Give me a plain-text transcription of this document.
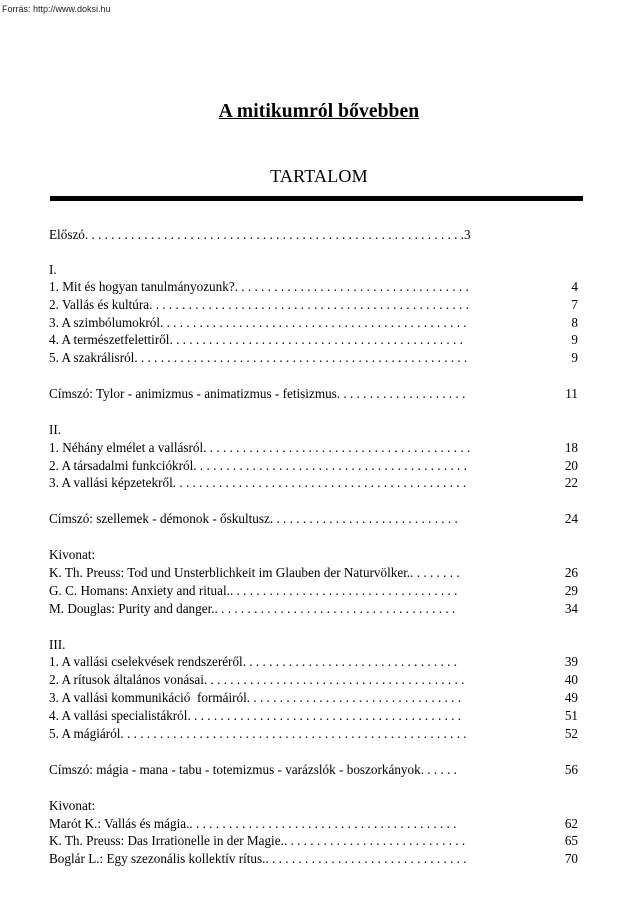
Forrás: http://www.doksi.hu
A mitikumról bővebben
TARTALOM
Előszó. . . . . . . . . . . . . . . . . . . . . . . . . . . . . . . . . . . . . . . . . . . . . . . . . . . . . . . . . .3
I.
1. Mit és hogyan tanulmányozunk?. . . . . . . . . . . . . . . . . . . . . . . . . . . . . . . . . . . .	4
2. Vallás és kultúra. . . . . . . . . . . . . . . . . . . . . . . . . . . . . . . . . . . . . . . . . . . . . . . . .	7
3. A szimbólumokról. . . . . . . . . . . . . . . . . . . . . . . . . . . . . . . . . . . . . . . . . . . . . . .	8
4. A természetfelettiről. . . . . . . . . . . . . . . . . . . . . . . . . . . . . . . . . . . . . . . . . . . . .	9
5. A szakrálisról. . . . . . . . . . . . . . . . . . . . . . . . . . . . . . . . . . . . . . . . . . . . . . . . . . .	9
Címszó: Tylor - animizmus - animatizmus - fetisizmus. . . . . . . . . . . . . . . . . . . .	11
II.
1. Néhány elmélet a vallásról. . . . . . . . . . . . . . . . . . . . . . . . . . . . . . . . . . . . . . . . .	18
2. A társadalmi funkciókról. . . . . . . . . . . . . . . . . . . . . . . . . . . . . . . . . . . . . . . . . .	20
3. A vallási képzetekről. . . . . . . . . . . . . . . . . . . . . . . . . . . . . . . . . . . . . . . . . . . . .	22
Címszó: szellemek - démonok - őskultusz. . . . . . . . . . . . . . . . . . . . . . . . . . . . .	24
Kivonat:
K. Th. Preuss: Tod und Unsterblichkeit im Glauben der Naturvölker.. . . . . . . .	26
G. C. Homans: Anxiety and ritual.. . . . . . . . . . . . . . . . . . . . . . . . . . . . . . . . . . .	29
M. Douglas: Purity and danger.. . . . . . . . . . . . . . . . . . . . . . . . . . . . . . . . . . . . .	34
III.
1. A vallási cselekvések rendszeréről. . . . . . . . . . . . . . . . . . . . . . . . . . . . . . . . .	39
2. A rítusok általános vonásai. . . . . . . . . . . . . . . . . . . . . . . . . . . . . . . . . . . . . . . .	40
3. A vallási kommunikáció  formáiról. . . . . . . . . . . . . . . . . . . . . . . . . . . . . . . . .	49
4. A vallási specialistákról. . . . . . . . . . . . . . . . . . . . . . . . . . . . . . . . . . . . . . . . . .	51
5. A mágiáról. . . . . . . . . . . . . . . . . . . . . . . . . . . . . . . . . . . . . . . . . . . . . . . . . . . . .	52
Címszó: mágia - mana - tabu - totemizmus - varázslók - boszorkányok. . . . . .	56
Kivonat:
Marót K.: Vallás és mágia.. . . . . . . . . . . . . . . . . . . . . . . . . . . . . . . . . . . . . . . . .	62
K. Th. Preuss: Das Irrationelle in der Magie.. . . . . . . . . . . . . . . . . . . . . . . . . . . .	65
Boglár L.: Egy szezonális kollektív rítus.. . . . . . . . . . . . . . . . . . . . . . . . . . . . . . .	70
